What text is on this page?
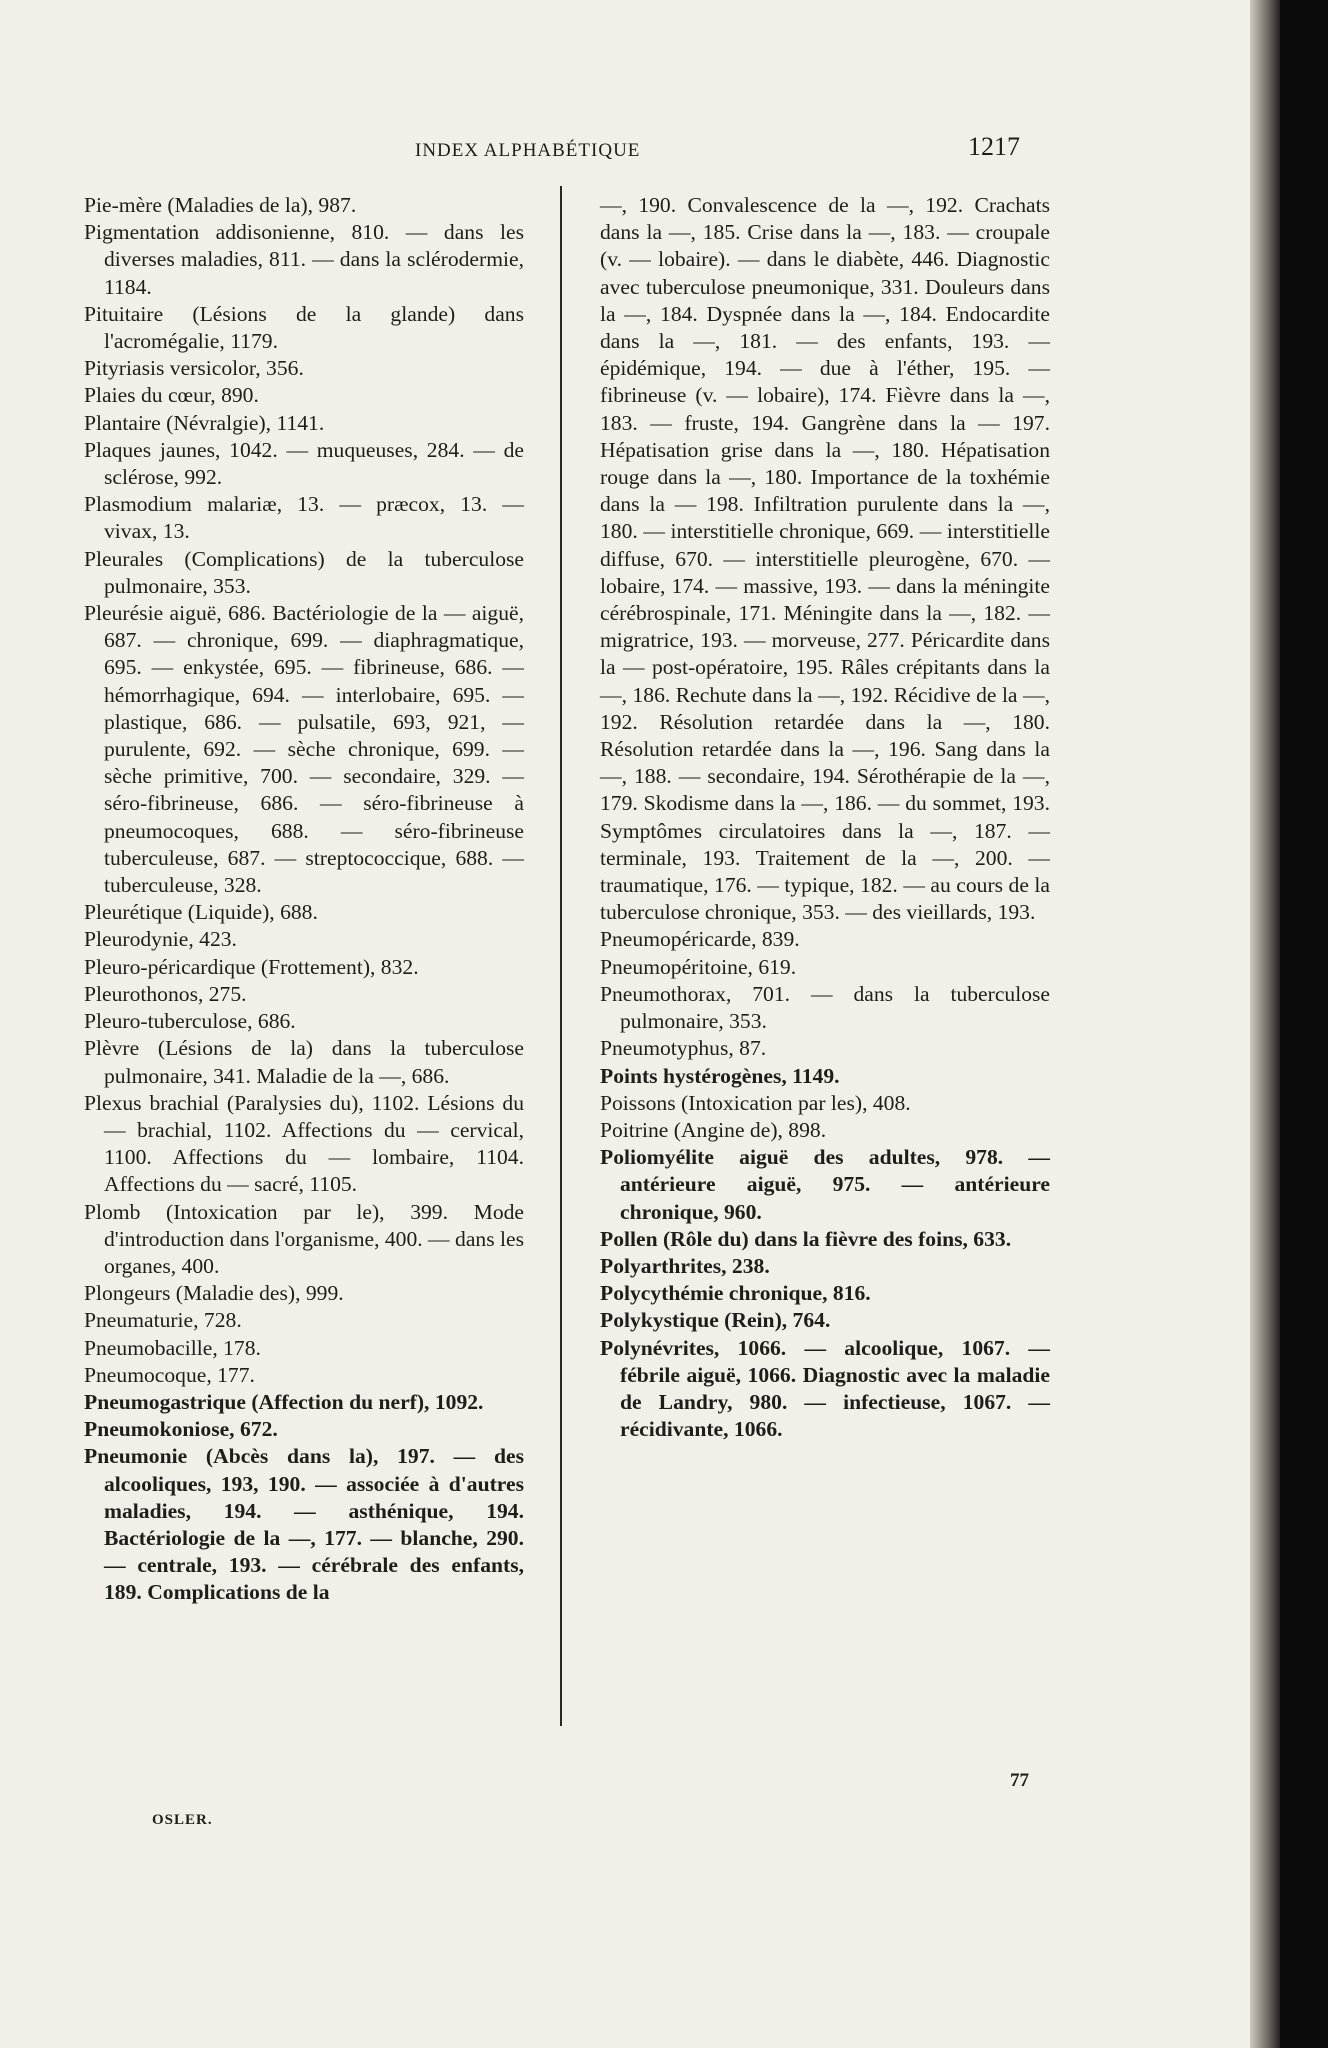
INDEX ALPHABÉTIQUE	1217

Pie-mère (Maladies de la), 987.

Pigmentation addisonienne, 810. — dans les diverses maladies, 811. — dans la sclérodermie, 1184.

Pituitaire (Lésions de la glande) dans l'acromégalie, 1179.

Pityriasis versicolor, 356.

Plaies du cœur, 890.

Plantaire (Névralgie), 1141.

Plaques jaunes, 1042. — muqueuses, 284. — de sclérose, 992.

Plasmodium malariæ, 13. — præcox, 13. — vivax, 13.

Pleurales (Complications) de la tuberculose pulmonaire, 353.

Pleurésie aiguë, 686. Bactériologie de la — aiguë, 687. — chronique, 699. — diaphragmatique, 695. — enkystée, 695. — fibrineuse, 686. — hémorrhagique, 694. — interlobaire, 695. — plastique, 686. — pulsatile, 693, 921, — purulente, 692. — sèche chronique, 699. — sèche primitive, 700. — secondaire, 329. — séro-fibrineuse, 686. — séro-fibrineuse à pneumocoques, 688. — séro-fibrineuse tuberculeuse, 687. — streptococcique, 688. — tuberculeuse, 328.

Pleurétique (Liquide), 688.

Pleurodynie, 423.

Pleuro-péricardique (Frottement), 832.

Pleurothonos, 275.

Pleuro-tuberculose, 686.

Plèvre (Lésions de la) dans la tuberculose pulmonaire, 341. Maladie de la —, 686.

Plexus brachial (Paralysies du), 1102. Lésions du — brachial, 1102. Affections du — cervical, 1100. Affections du — lombaire, 1104. Affections du — sacré, 1105.

Plomb (Intoxication par le), 399. Mode d'introduction dans l'organisme, 400. — dans les organes, 400.

Plongeurs (Maladie des), 999.

Pneumaturie, 728.

Pneumobacille, 178.

Pneumocoque, 177.

Pneumogastrique (Affection du nerf), 1092.

Pneumokoniose, 672.

Pneumonie (Abcès dans la), 197. — des alcooliques, 193, 190. — associée à d'autres maladies, 194. — asthénique, 194. Bactériologie de la —, 177. — blanche, 290. — centrale, 193. — cérébrale des enfants, 189. Complications de la

—, 190. Convalescence de la —, 192. Crachats dans la —, 185. Crise dans la —, 183. — croupale (v. — lobaire). — dans le diabète, 446. Diagnostic avec tuberculose pneumonique, 331. Douleurs dans la —, 184. Dyspnée dans la —, 184. Endocardite dans la —, 181. — des enfants, 193. — épidémique, 194. — due à l'éther, 195. — fibrineuse (v. — lobaire), 174. Fièvre dans la —, 183. — fruste, 194. Gangrène dans la — 197. Hépatisation grise dans la —, 180. Hépatisation rouge dans la —, 180. Importance de la toxhémie dans la — 198. Infiltration purulente dans la —, 180. — interstitielle chronique, 669. — interstitielle diffuse, 670. — interstitielle pleurogène, 670. — lobaire, 174. — massive, 193. — dans la méningite cérébrospinale, 171. Méningite dans la —, 182. — migratrice, 193. — morveuse, 277. Péricardite dans la — post-opératoire, 195. Râles crépitants dans la —, 186. Rechute dans la —, 192. Récidive de la —, 192. Résolution retardée dans la —, 180. Résolution retardée dans la —, 196. Sang dans la —, 188. — secondaire, 194. Sérothérapie de la —, 179. Skodisme dans la —, 186. — du sommet, 193. Symptômes circulatoires dans la —, 187. — terminale, 193. Traitement de la —, 200. — traumatique, 176. — typique, 182. — au cours de la tuberculose chronique, 353. — des vieillards, 193.

Pneumopéricarde, 839.

Pneumopéritoine, 619.

Pneumothorax, 701. — dans la tuberculose pulmonaire, 353.

Pneumotyphus, 87.

Points hystérogènes, 1149.

Poissons (Intoxication par les), 408.

Poitrine (Angine de), 898.

Poliomyélite aiguë des adultes, 978. — antérieure aiguë, 975. — antérieure chronique, 960.

Pollen (Rôle du) dans la fièvre des foins, 633.

Polyarthrites, 238.

Polycythémie chronique, 816.

Polykystique (Rein), 764.

Polynévrites, 1066. — alcoolique, 1067. — fébrile aiguë, 1066. Diagnostic avec la maladie de Landry, 980. — infectieuse, 1067. — récidivante, 1066.

OSLER.
77
